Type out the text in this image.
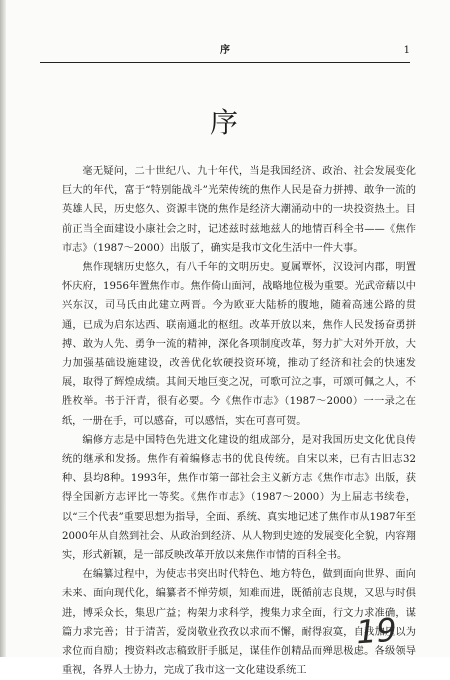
序	1
序

毫无疑问，二十世纪八、九十年代，当是我国经济、政治、社会发展变化巨大的年代，富于“特别能战斗”光荣传统的焦作人民是奋力拼搏、敢争一流的英雄人民，历史悠久、资源丰饶的焦作是经济大潮涌动中的一块投资热土。目前正当全面建设小康社会之时，记述兹时兹地兹人的地情百科全书——《焦作市志》（1987～2000）出版了，确实是我市文化生活中一件大事。

焦作现辖历史悠久，有八千年的文明历史。夏属覃怀，汉设河内郡，明置怀庆府，1956年置焦作市。焦作倚山面河，战略地位极为重要。光武帝藉以中兴东汉，司马氏由此建立两晋。今为欧亚大陆桥的腹地，随着高速公路的贯通，已成为启东达西、联南通北的枢纽。改革开放以来，焦作人民发扬奋勇拼搏、敢为人先、勇争一流的精神，深化各项制度改革，努力扩大对外开放，大力加强基础设施建设，改善优化软硬投资环境，推动了经济和社会的快速发展，取得了辉煌成绩。其间天地巨变之况，可歌可泣之事，可颂可佩之人，不胜枚举。书于汗青，很有必要。今《焦作市志》（1987～2000）一一录之在纸，一册在手，可以感奋，可以感悟，实在可喜可贺。

编修方志是中国特色先进文化建设的组成部分，是对我国历史文化优良传统的继承和发扬。焦作有着编修志书的优良传统。自宋以来，已有古旧志32种、县均8种。1993年，焦作市第一部社会主义新方志《焦作市志》出版，获得全国新方志评比一等奖。《焦作市志》（1987～2000）为上届志书续卷，以“三个代表”重要思想为指导，全面、系统、真实地记述了焦作市从1987年至2000年从自然到社会、从政治到经济、从人物到史迹的发展变化全貌，内容翔实，形式新颖，是一部反映改革开放以来焦作市情的百科全书。

在编纂过程中，为使志书突出时代特色、地方特色，做到面向世界、面向未来、面向现代化，编纂者不惮劳烦，知难而进，既循前志良规，又思与时俱进，博采众长，集思广益；构架力求科学，搜集力求全面，行文力求准确，谋篇力求完善；甘于清苦，爱岗敬业孜孜以求而不懈，耐得寂寞，自我加压以为求位而自励；搜资料改志稿致肝手胝足，谋佳作创精品而殚思极虑。各级领导重视，各界人士协力，完成了我市这一文化建设系统工

19
